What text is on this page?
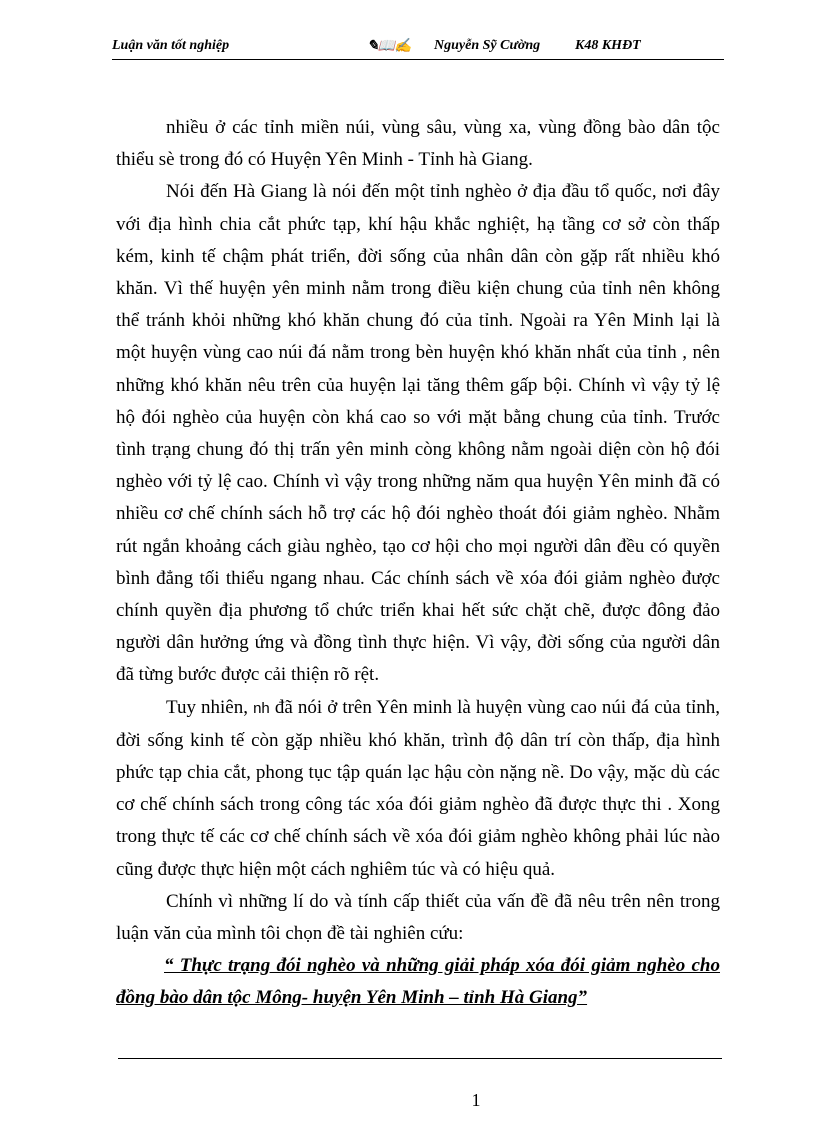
Luận văn tốt nghiệp	✎📖✍ Nguyễn Sỹ Cường K48 KHĐT

nhiều ở các tỉnh miền núi, vùng sâu, vùng xa, vùng đồng bào dân tộc thiểu sè trong đó có Huyện Yên Minh - Tỉnh hà Giang.

Nói đến Hà Giang là nói đến một tỉnh nghèo ở địa đầu tổ quốc, nơi đây với địa hình chia cắt phức tạp, khí hậu khắc nghiệt, hạ tầng cơ sở còn thấp kém, kinh tế chậm phát triển, đời sống của nhân dân còn gặp rất nhiều khó khăn. Vì thế huyện yên minh nằm trong điều kiện chung của tỉnh nên không thể tránh khỏi những khó khăn chung đó của tỉnh. Ngoài ra Yên Minh lại là một huyện vùng cao núi đá nằm trong bèn huyện khó khăn nhất của tỉnh , nên những khó khăn nêu trên của huyện lại tăng thêm gấp bội. Chính vì vậy tỷ lệ hộ đói nghèo của huyện còn khá cao so với mặt bằng chung của tỉnh. Trước tình trạng chung đó thị trấn yên minh còng không nằm ngoài diện còn hộ đói nghèo với tỷ lệ cao. Chính vì vậy trong những năm qua huyện Yên minh đã có nhiều cơ chế chính sách hỗ trợ các hộ đói nghèo thoát đói giảm nghèo. Nhằm rút ngắn khoảng cách giàu nghèo, tạo cơ hội cho mọi người dân đều có quyền bình đẳng tối thiểu ngang nhau. Các chính sách về xóa đói giảm nghèo được chính quyền địa phương tổ chức triển khai hết sức chặt chẽ, được đông đảo người dân hưởng ứng và đồng tình thực hiện. Vì vậy, đời sống của người dân đã từng bước được cải thiện rõ rệt.

Tuy nhiên, nh đã nói ở trên Yên minh là huyện vùng cao núi đá của tỉnh, đời sống kinh tế còn gặp nhiều khó khăn, trình độ dân trí còn thấp, địa hình phức tạp chia cắt, phong tục tập quán lạc hậu còn nặng nề. Do vậy, mặc dù các cơ chế chính sách trong công tác xóa đói giảm nghèo đã được thực thi . Xong trong thực tế các cơ chế chính sách về xóa đói giảm nghèo không phải lúc nào cũng được thực hiện một cách nghiêm túc và có hiệu quả.

Chính vì những lí do và tính cấp thiết của vấn đề đã nêu trên nên trong luận văn của mình tôi chọn đề tài nghiên cứu:

“ Thực trạng đói nghèo và những giải pháp xóa đói giảm nghèo cho đồng bào dân tộc Mông- huyện Yên Minh – tỉnh Hà Giang”

1
